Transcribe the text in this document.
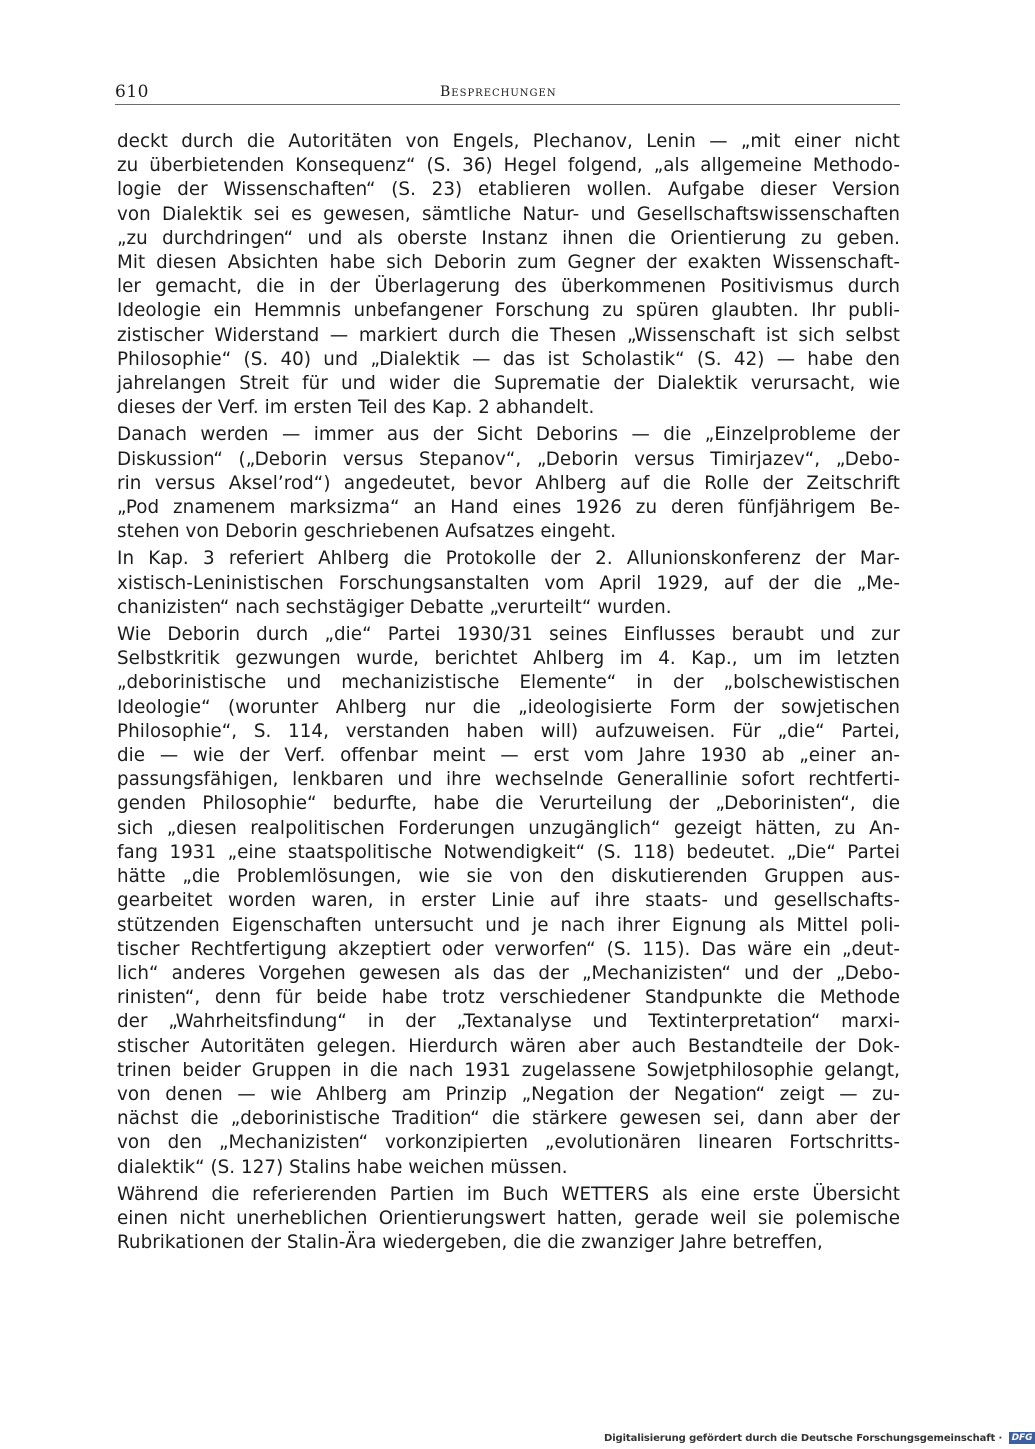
610	Besprechungen
deckt durch die Autoritäten von Engels, Plechanov, Lenin — „mit einer nicht
zu überbietenden Konsequenz“ (S. 36) Hegel folgend, „als allgemeine Methodo-
logie der Wissenschaften“ (S. 23) etablieren wollen. Aufgabe dieser Version
von Dialektik sei es gewesen, sämtliche Natur- und Gesellschaftswissenschaften
„zu durchdringen“ und als oberste Instanz ihnen die Orientierung zu geben.
Mit diesen Absichten habe sich Deborin zum Gegner der exakten Wissenschaft-
ler gemacht, die in der Überlagerung des überkommenen Positivismus durch
Ideologie ein Hemmnis unbefangener Forschung zu spüren glaubten. Ihr publi-
zistischer Widerstand — markiert durch die Thesen „Wissenschaft ist sich selbst
Philosophie“ (S. 40) und „Dialektik — das ist Scholastik“ (S. 42) — habe den
jahrelangen Streit für und wider die Suprematie der Dialektik verursacht, wie
dieses der Verf. im ersten Teil des Kap. 2 abhandelt.
Danach werden — immer aus der Sicht Deborins — die „Einzelprobleme der
Diskussion“ („Deborin versus Stepanov“, „Deborin versus Timirjazev“, „Debo-
rin versus Aksel’rod“) angedeutet, bevor Ahlberg auf die Rolle der Zeitschrift
„Pod znamenem marksizma“ an Hand eines 1926 zu deren fünfjährigem Be-
stehen von Deborin geschriebenen Aufsatzes eingeht.
In Kap. 3 referiert Ahlberg die Protokolle der 2. Allunionskonferenz der Mar-
xistisch-Leninistischen Forschungsanstalten vom April 1929, auf der die „Me-
chanizisten“ nach sechstägiger Debatte „verurteilt“ wurden.
Wie Deborin durch „die“ Partei 1930/31 seines Einflusses beraubt und zur
Selbstkritik gezwungen wurde, berichtet Ahlberg im 4. Kap., um im letzten
„deborinistische und mechanizistische Elemente“ in der „bolschewistischen
Ideologie“ (worunter Ahlberg nur die „ideologisierte Form der sowjetischen
Philosophie“, S. 114, verstanden haben will) aufzuweisen. Für „die“ Partei,
die — wie der Verf. offenbar meint — erst vom Jahre 1930 ab „einer an-
passungsfähigen, lenkbaren und ihre wechselnde Generallinie sofort rechtferti-
genden Philosophie“ bedurfte, habe die Verurteilung der „Deborinisten“, die
sich „diesen realpolitischen Forderungen unzugänglich“ gezeigt hätten, zu An-
fang 1931 „eine staatspolitische Notwendigkeit“ (S. 118) bedeutet. „Die“ Partei
hätte „die Problemlösungen, wie sie von den diskutierenden Gruppen aus-
gearbeitet worden waren, in erster Linie auf ihre staats- und gesellschafts-
stützenden Eigenschaften untersucht und je nach ihrer Eignung als Mittel poli-
tischer Rechtfertigung akzeptiert oder verworfen“ (S. 115). Das wäre ein „deut-
lich“ anderes Vorgehen gewesen als das der „Mechanizisten“ und der „Debo-
rinisten“, denn für beide habe trotz verschiedener Standpunkte die Methode
der „Wahrheitsfindung“ in der „Textanalyse und Textinterpretation“ marxi-
stischer Autoritäten gelegen. Hierdurch wären aber auch Bestandteile der Dok-
trinen beider Gruppen in die nach 1931 zugelassene Sowjetphilosophie gelangt,
von denen — wie Ahlberg am Prinzip „Negation der Negation“ zeigt — zu-
nächst die „deborinistische Tradition“ die stärkere gewesen sei, dann aber der
von den „Mechanizisten“ vorkonzipierten „evolutionären linearen Fortschritts-
dialektik“ (S. 127) Stalins habe weichen müssen.
Während die referierenden Partien im Buch WETTERS als eine erste Übersicht
einen nicht unerheblichen Orientierungswert hatten, gerade weil sie polemische
Rubrikationen der Stalin-Ära wiedergeben, die die zwanziger Jahre betreffen,
Digitalisierung gefördert durch die Deutsche Forschungsgemeinschaft · DFG
